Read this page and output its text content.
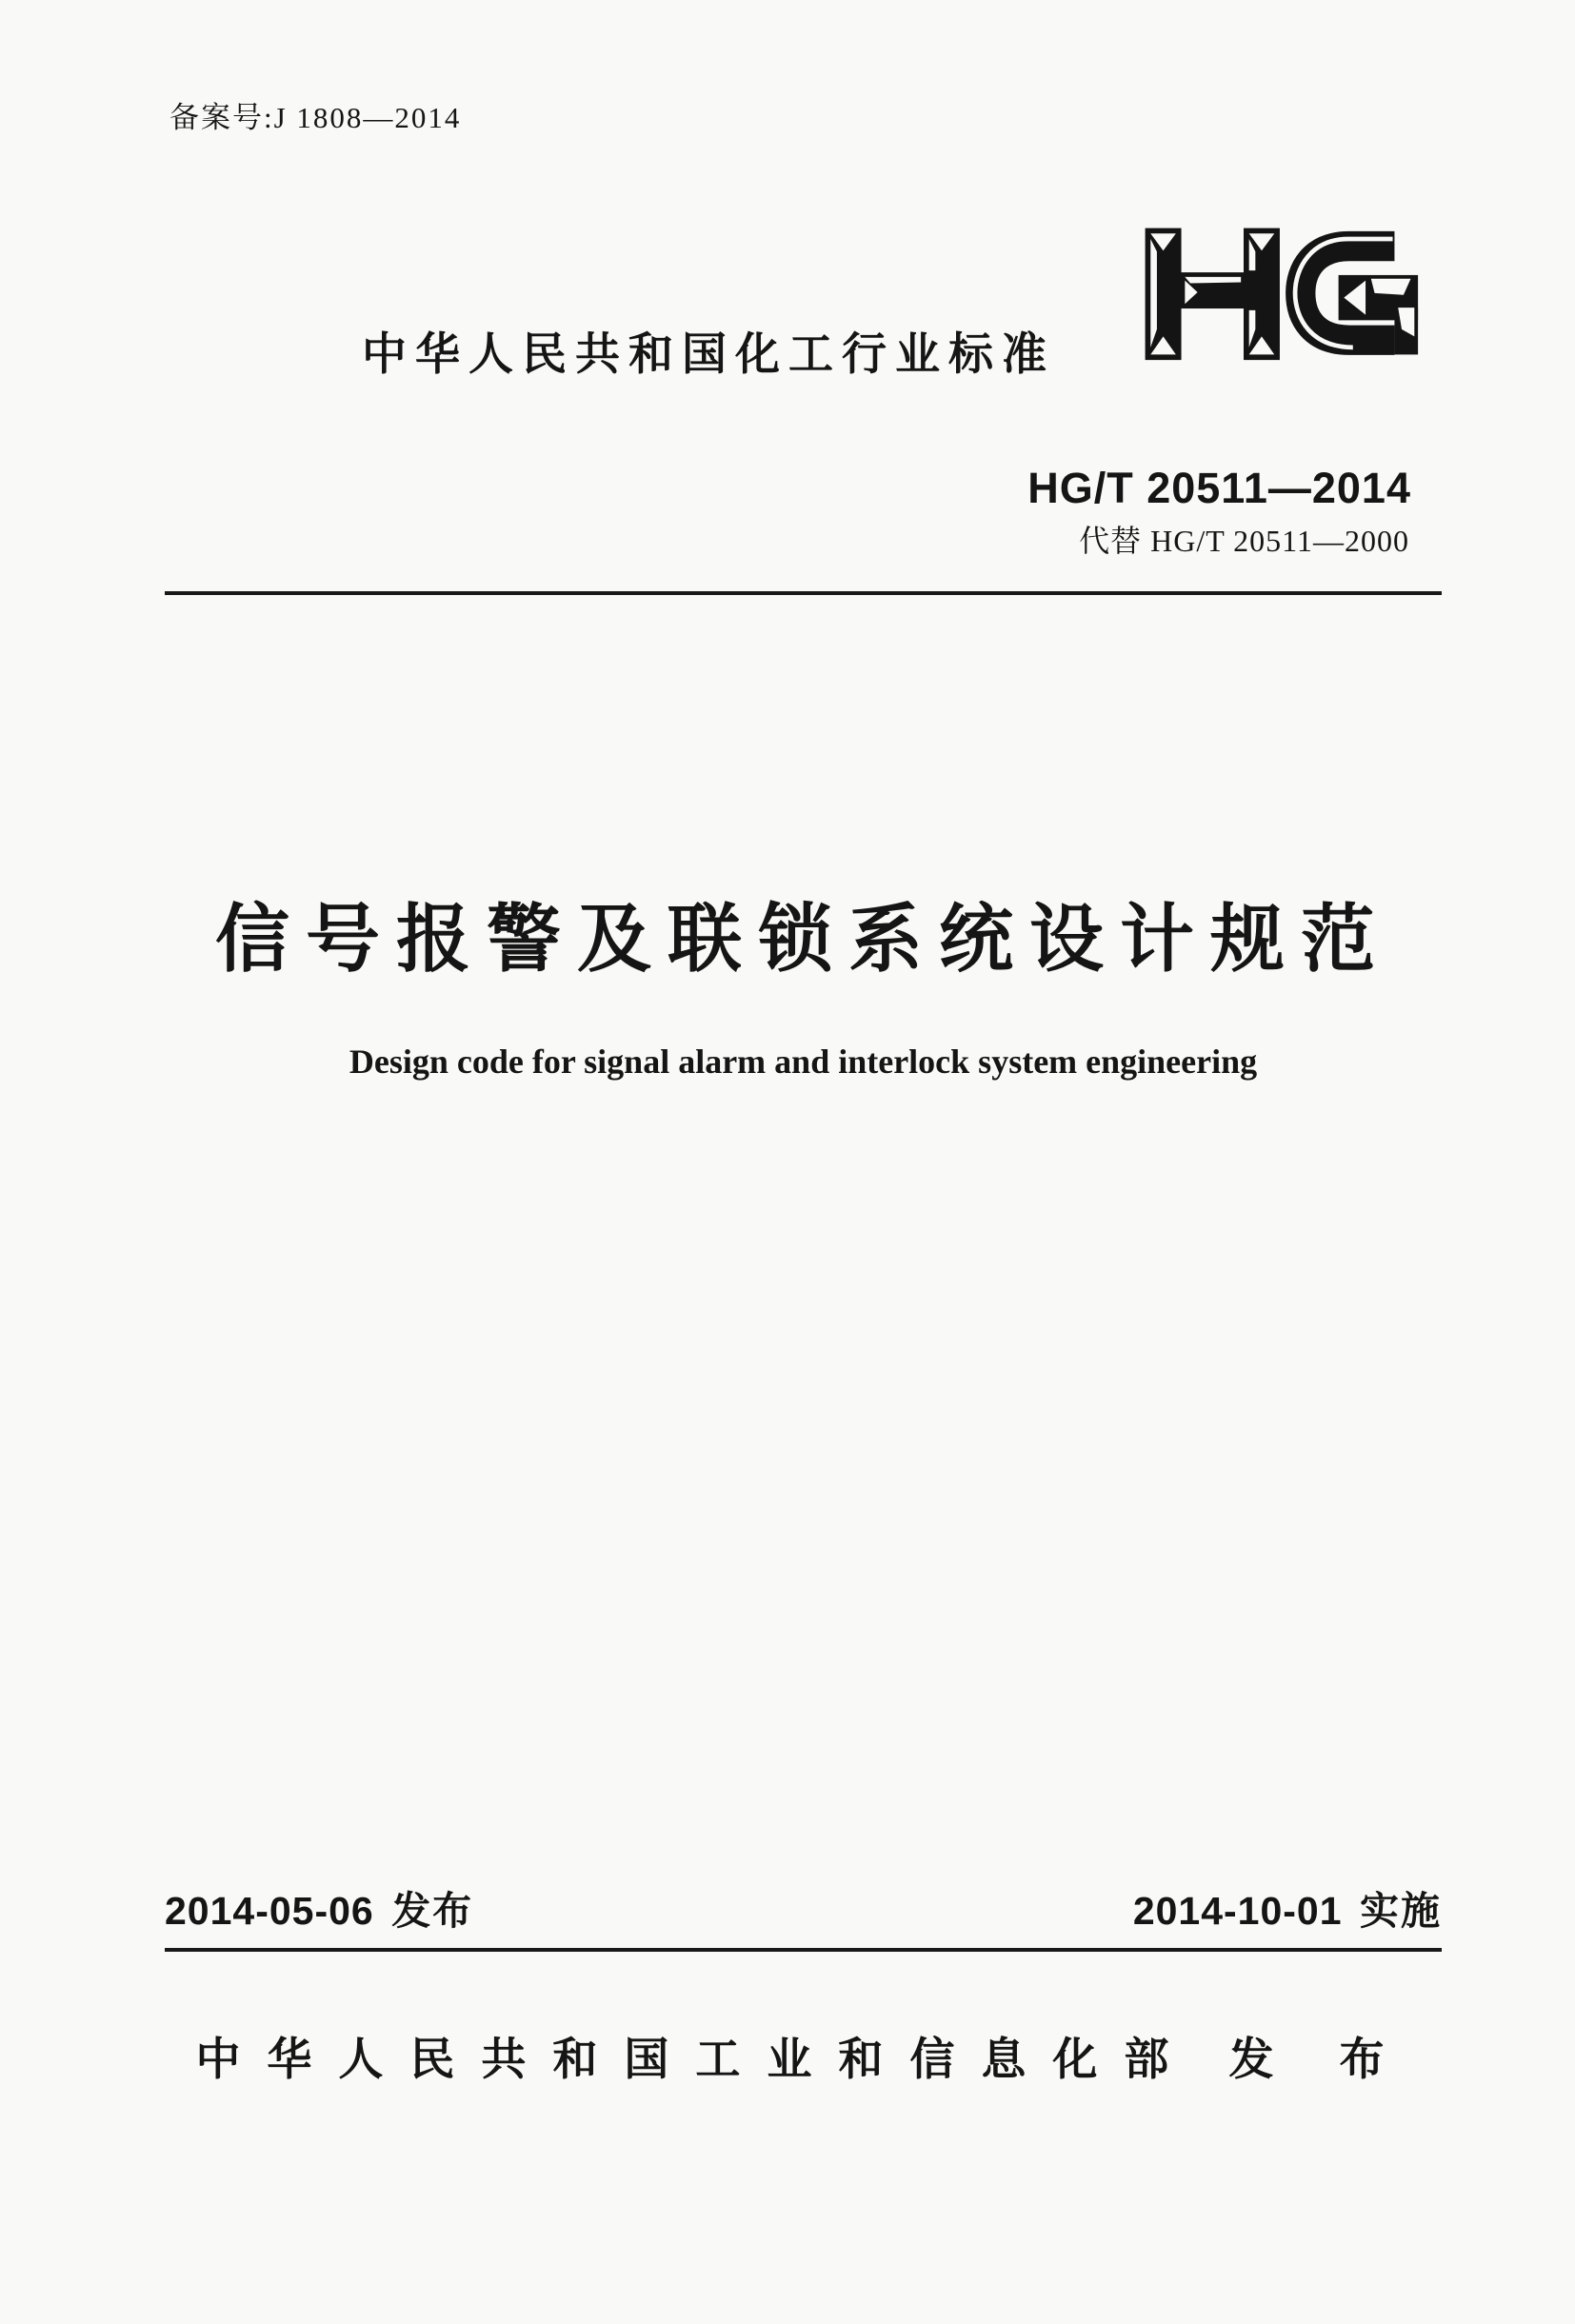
备案号:J 1808—2014
中华人民共和国化工行业标准
HG/T 20511—2014
代替 HG/T 20511—2000
信号报警及联锁系统设计规范
Design code for signal alarm and interlock system engineering
2014-05-06 发布	2014-10-01 实施
中华人民共和国工业和信息化部 发 布
